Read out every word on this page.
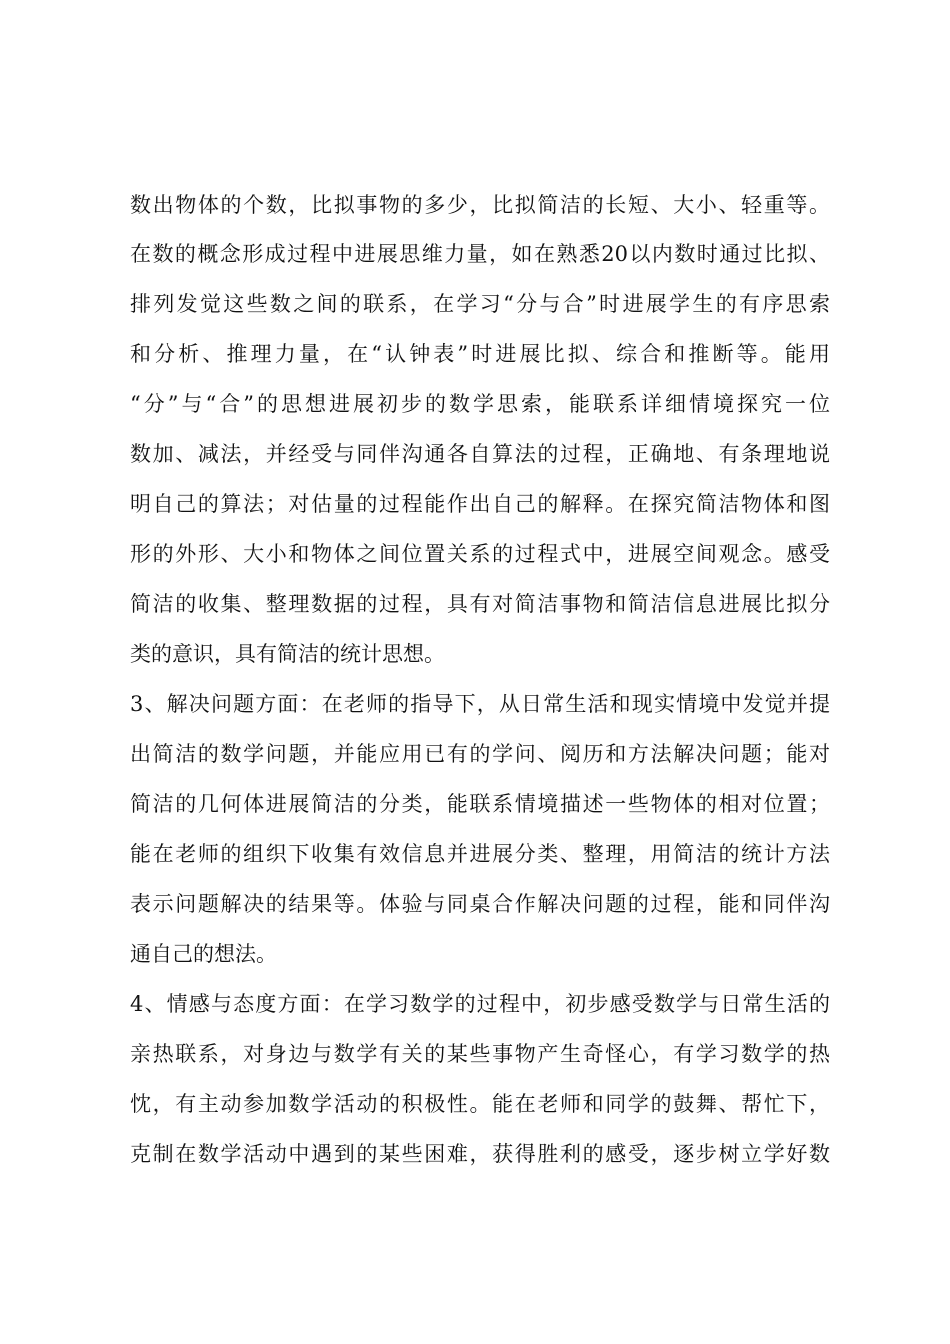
数出物体的个数，比拟事物的多少，比拟简洁的长短、大小、轻重等。
在数的概念形成过程中进展思维力量，如在熟悉20以内数时通过比拟、
排列发觉这些数之间的联系，在学习“分与合”时进展学生的有序思索
和分析、推理力量，在“认钟表”时进展比拟、综合和推断等。能用
“分”与“合”的思想进展初步的数学思索，能联系详细情境探究一位
数加、减法，并经受与同伴沟通各自算法的过程，正确地、有条理地说
明自己的算法；对估量的过程能作出自己的解释。在探究简洁物体和图
形的外形、大小和物体之间位置关系的过程式中，进展空间观念。感受
简洁的收集、整理数据的过程，具有对简洁事物和简洁信息进展比拟分
类的意识，具有简洁的统计思想。
3、解决问题方面：在老师的指导下，从日常生活和现实情境中发觉并提
出简洁的数学问题，并能应用已有的学问、阅历和方法解决问题；能对
简洁的几何体进展简洁的分类，能联系情境描述一些物体的相对位置；
能在老师的组织下收集有效信息并进展分类、整理，用简洁的统计方法
表示问题解决的结果等。体验与同桌合作解决问题的过程，能和同伴沟
通自己的想法。
4、情感与态度方面：在学习数学的过程中，初步感受数学与日常生活的
亲热联系，对身边与数学有关的某些事物产生奇怪心，有学习数学的热
忱，有主动参加数学活动的积极性。能在老师和同学的鼓舞、帮忙下，
克制在数学活动中遇到的某些困难，获得胜利的感受，逐步树立学好数
